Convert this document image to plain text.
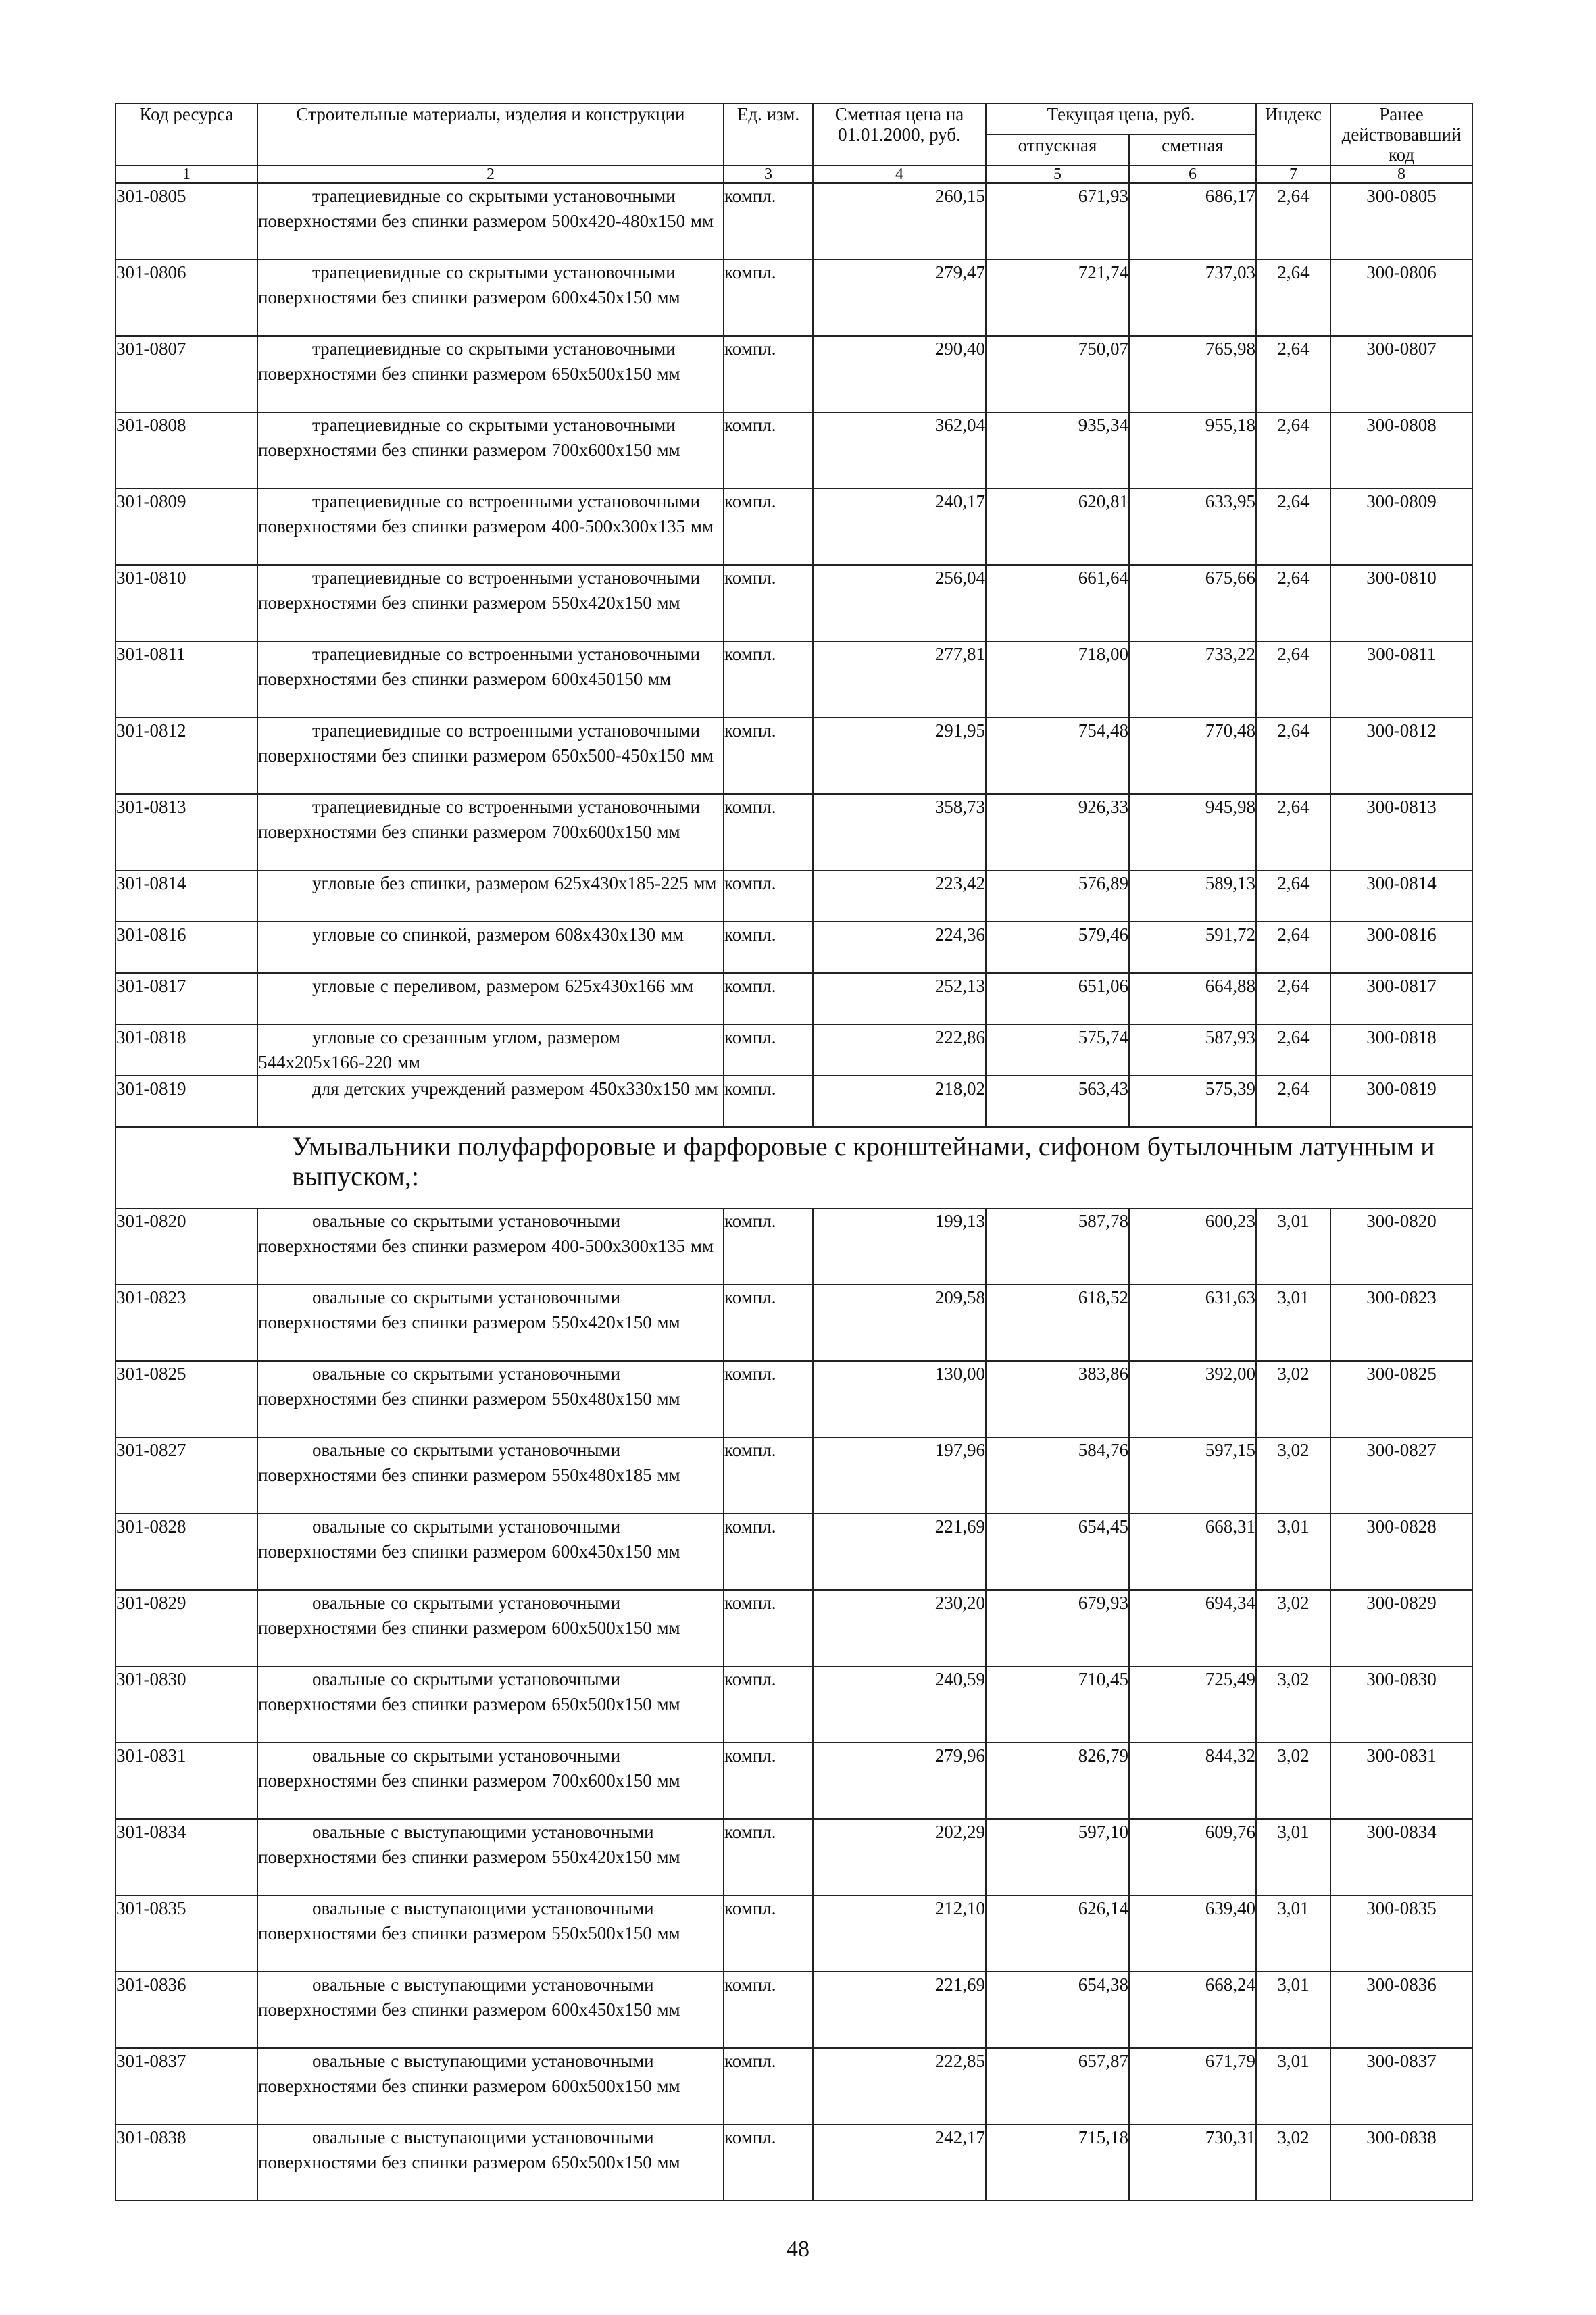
Код ресурса	Строительные материалы, изделия и конструкции	Ед. изм.	Сметная цена на 01.01.2000, руб.	Текущая цена, руб.		Индекс	Ранее действовавший код
				отпускная	сметная		
1	2	3	4	5	6	7	8
301-0805	трапециевидные со скрытыми установочными поверхностями без спинки размером 500x420-480x150 мм	компл.	260,15	671,93	686,17	2,64	300-0805
301-0806	трапециевидные со скрытыми установочными поверхностями без спинки размером 600x450x150 мм	компл.	279,47	721,74	737,03	2,64	300-0806
301-0807	трапециевидные со скрытыми установочными поверхностями без спинки размером 650x500x150 мм	компл.	290,40	750,07	765,98	2,64	300-0807
301-0808	трапециевидные со скрытыми установочными поверхностями без спинки размером 700x600x150 мм	компл.	362,04	935,34	955,18	2,64	300-0808
301-0809	трапециевидные со встроенными установочными поверхностями без спинки размером 400-500x300x135 мм	компл.	240,17	620,81	633,95	2,64	300-0809
301-0810	трапециевидные со встроенными установочными поверхностями без спинки размером 550x420x150 мм	компл.	256,04	661,64	675,66	2,64	300-0810
301-0811	трапециевидные со встроенными установочными поверхностями без спинки размером 600x450150 мм	компл.	277,81	718,00	733,22	2,64	300-0811
301-0812	трапециевидные со встроенными установочными поверхностями без спинки размером 650x500-450x150 мм	компл.	291,95	754,48	770,48	2,64	300-0812
301-0813	трапециевидные со встроенными установочными поверхностями без спинки размером 700x600x150 мм	компл.	358,73	926,33	945,98	2,64	300-0813
301-0814	угловые без спинки, размером 625x430x185-225 мм	компл.	223,42	576,89	589,13	2,64	300-0814
301-0816	угловые со спинкой, размером 608x430x130 мм	компл.	224,36	579,46	591,72	2,64	300-0816
301-0817	угловые с переливом, размером 625x430x166 мм	компл.	252,13	651,06	664,88	2,64	300-0817
301-0818	угловые со срезанным углом, размером 544x205x166-220 мм	компл.	222,86	575,74	587,93	2,64	300-0818
301-0819	для детских учреждений размером 450x330x150 мм	компл.	218,02	563,43	575,39	2,64	300-0819
Умывальники полуфарфоровые и фарфоровые с кронштейнами, сифоном бутылочным латунным и выпуском,:							
301-0820	овальные со скрытыми установочными поверхностями без спинки размером 400-500x300x135 мм	компл.	199,13	587,78	600,23	3,01	300-0820
301-0823	овальные со скрытыми установочными поверхностями без спинки размером 550x420x150 мм	компл.	209,58	618,52	631,63	3,01	300-0823
301-0825	овальные со скрытыми установочными поверхностями без спинки размером 550x480x150 мм	компл.	130,00	383,86	392,00	3,02	300-0825
301-0827	овальные со скрытыми установочными поверхностями без спинки размером 550x480x185 мм	компл.	197,96	584,76	597,15	3,02	300-0827
301-0828	овальные со скрытыми установочными поверхностями без спинки размером 600x450x150 мм	компл.	221,69	654,45	668,31	3,01	300-0828
301-0829	овальные со скрытыми установочными поверхностями без спинки размером 600x500x150 мм	компл.	230,20	679,93	694,34	3,02	300-0829
301-0830	овальные со скрытыми установочными поверхностями без спинки размером 650x500x150 мм	компл.	240,59	710,45	725,49	3,02	300-0830
301-0831	овальные со скрытыми установочными поверхностями без спинки размером 700x600x150 мм	компл.	279,96	826,79	844,32	3,02	300-0831
301-0834	овальные с выступающими установочными поверхностями без спинки размером 550x420x150 мм	компл.	202,29	597,10	609,76	3,01	300-0834
301-0835	овальные с выступающими установочными поверхностями без спинки размером 550x500x150 мм	компл.	212,10	626,14	639,40	3,01	300-0835
301-0836	овальные с выступающими установочными поверхностями без спинки размером 600x450x150 мм	компл.	221,69	654,38	668,24	3,01	300-0836
301-0837	овальные с выступающими установочными поверхностями без спинки размером 600x500x150 мм	компл.	222,85	657,87	671,79	3,01	300-0837
301-0838	овальные с выступающими установочными поверхностями без спинки размером 650x500x150 мм	компл.	242,17	715,18	730,31	3,02	300-0838
48
